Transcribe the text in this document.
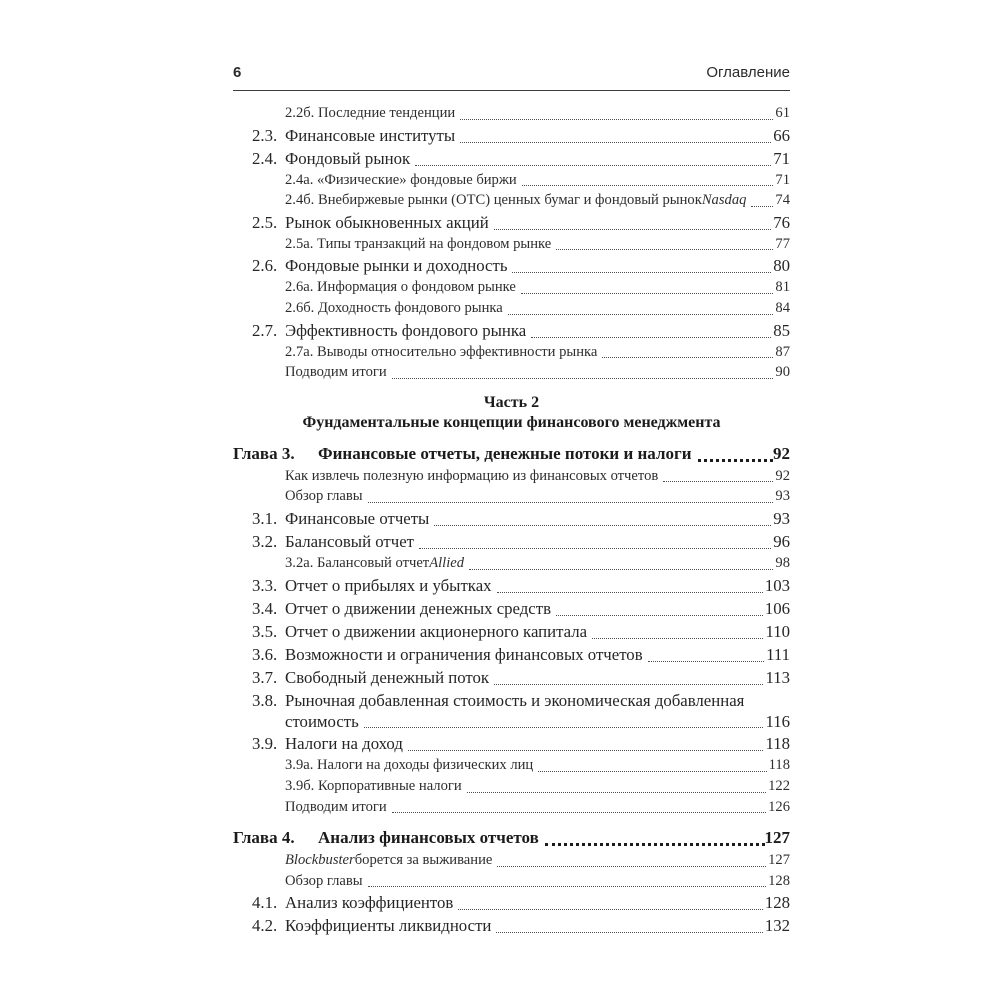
6	Оглавление
2.2б. Последние тенденции	61
2.3. Финансовые институты	66
2.4. Фондовый рынок	71
2.4а. «Физические» фондовые биржи	71
2.4б. Внебиржевые рынки (OTC) ценных бумаг и фондовый рынок Nasdaq 74
2.5. Рынок обыкновенных акций	76
2.5а. Типы транзакций на фондовом рынке	77
2.6. Фондовые рынки и доходность	80
2.6а. Информация о фондовом рынке	81
2.6б. Доходность фондового рынка	84
2.7. Эффективность фондового рынка	85
2.7а. Выводы относительно эффективности рынка	87
Подводим итоги	90
Часть 2
Фундаментальные концепции финансового менеджмента
Глава 3.	Финансовые отчеты, денежные потоки и налоги	92
Как извлечь полезную информацию из финансовых отчетов	92
Обзор главы	93
3.1. Финансовые отчеты	93
3.2. Балансовый отчет	96
3.2а. Балансовый отчет Allied	98
3.3. Отчет о прибылях и убытках	103
3.4. Отчет о движении денежных средств	106
3.5. Отчет о движении акционерного капитала	110
3.6. Возможности и ограничения финансовых отчетов	111
3.7. Свободный денежный поток	113
3.8. Рыночная добавленная стоимость и экономическая добавленная
стоимость	116
3.9. Налоги на доход	118
3.9а. Налоги на доходы физических лиц	118
3.9б. Корпоративные налоги	122
Подводим итоги	126
Глава 4.	Анализ финансовых отчетов	127
Blockbuster борется за выживание	127
Обзор главы	128
4.1. Анализ коэффициентов	128
4.2. Коэффициенты ликвидности	132
